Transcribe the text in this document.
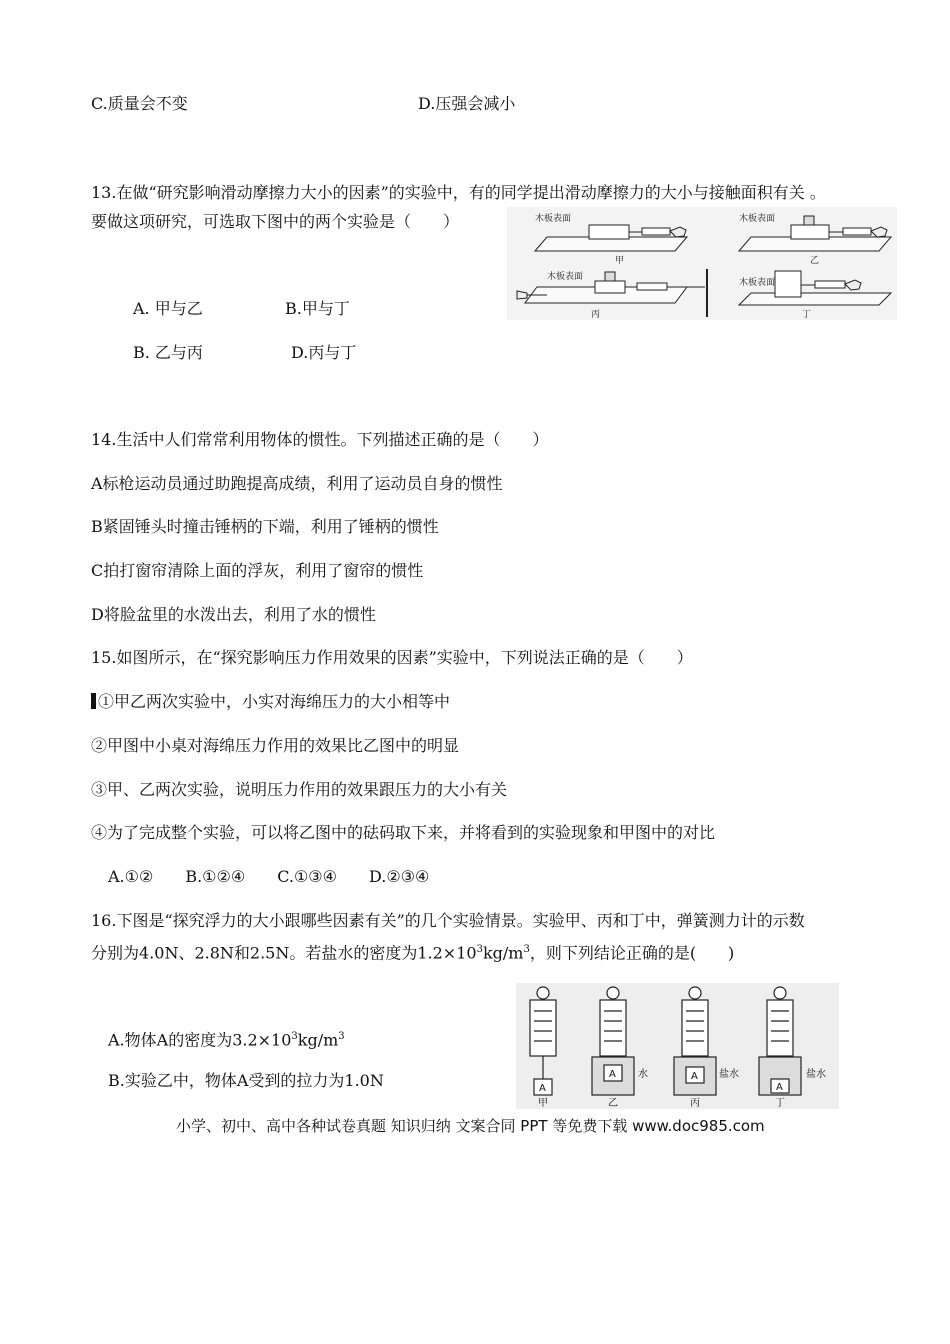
C.质量会不变	D.压强会减小
13.在做“研究影响滑动摩擦力大小的因素”的实验中，有的同学提出滑动摩擦力的大小与接触面积有关 。
要做这项研究，可选取下图中的两个实验是（　　）
A. 甲与乙	B.甲与丁
B. 乙与丙	D.丙与丁
木板表面
甲
木板表面
乙
木板表面
丙
木板表面
丁
14.生活中人们常常利用物体的惯性。下列描述正确的是（　　）
A标枪运动员通过助跑提高成绩，利用了运动员自身的惯性
B紧固锤头时撞击锤柄的下端，利用了锤柄的惯性
C拍打窗帘清除上面的浮灰，利用了窗帘的惯性
D将脸盆里的水泼出去，利用了水的惯性
15.如图所示，在“探究影响压力作用效果的因素”实验中，下列说法正确的是（　　）
①甲乙两次实验中，小实对海绵压力的大小相等中
②甲图中小桌对海绵压力作用的效果比乙图中的明显
③甲、乙两次实验，说明压力作用的效果跟压力的大小有关
④为了完成整个实验，可以将乙图中的砝码取下来，并将看到的实验现象和甲图中的对比
A.①②　　B.①②④　　C.①③④　　D.②③④
16.下图是“探究浮力的大小跟哪些因素有关”的几个实验情景。实验甲、丙和丁中，弹簧测力计的示数
分别为4.0N、2.8N和2.5N。若盐水的密度为$1.2\times 10^3kg/m^3$，则下列结论正确的是(　　)
A.物体A的密度为$3.2\times 10^3kg/m^3$
B.实验乙中，物体A受到的拉力为1.0N	A
甲
A 水
乙
A 盐水
丙
A
盐水
丁
小学、初中、高中各种试卷真题 知识归纳 文案合同 PPT 等免费下载 www.doc985.com
